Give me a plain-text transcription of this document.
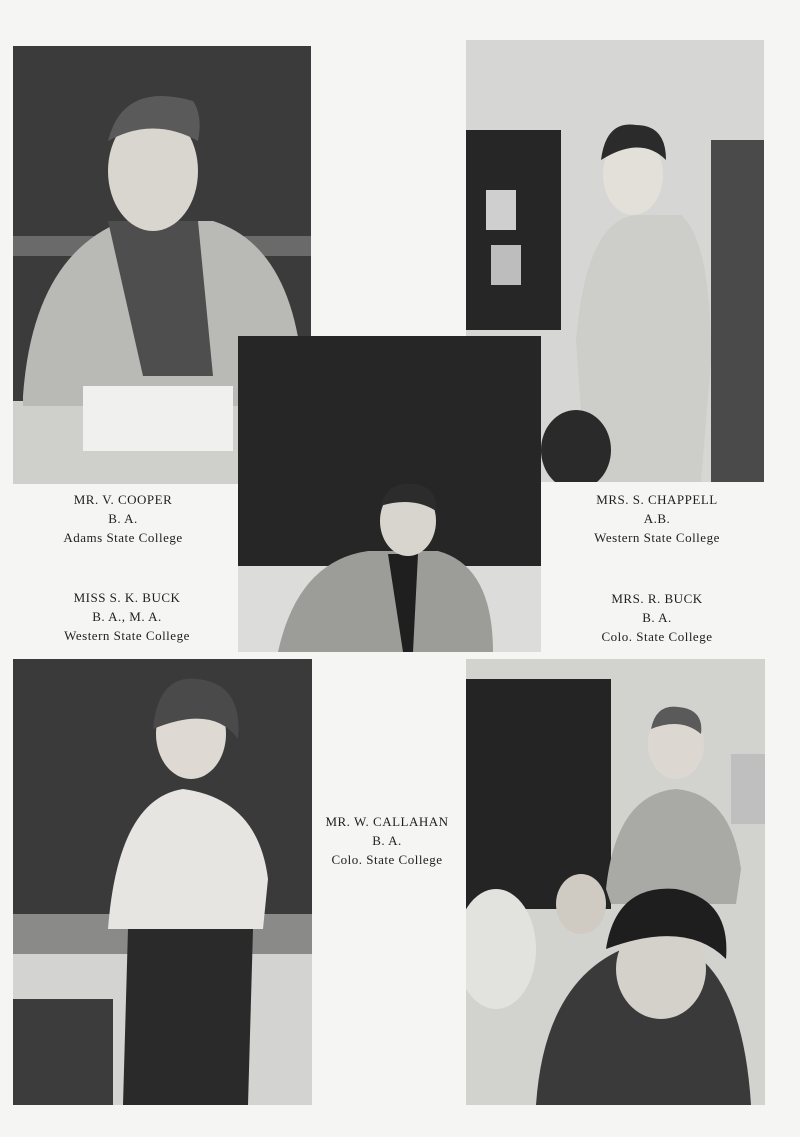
MR. V. COOPER
B. A.
Adams State College
MRS. S. CHAPPELL
A.B.
Western State College
MISS S. K. BUCK
B. A., M. A.
Western State College
MRS. R. BUCK
B. A.
Colo. State College
MR. W. CALLAHAN
B. A.
Colo. State College
